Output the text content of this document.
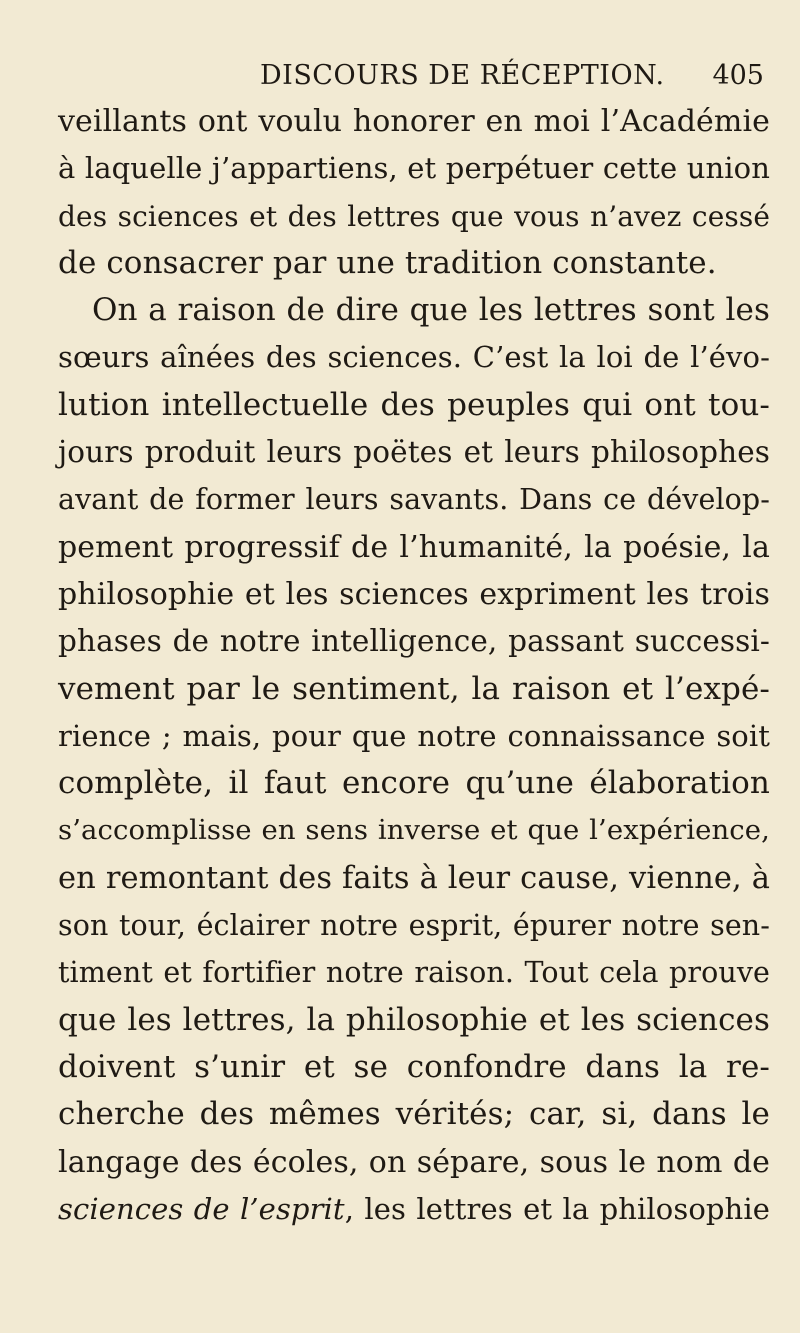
DISCOURS DE RÉCEPTION. 405
veillants ont voulu honorer en moi l’Académie
à laquelle j’appartiens, et perpétuer cette union
des sciences et des lettres que vous n’avez cessé
de consacrer par une tradition constante.
On a raison de dire que les lettres sont les
sœurs aînées des sciences. C’est la loi de l’évo-
lution intellectuelle des peuples qui ont tou-
jours produit leurs poëtes et leurs philosophes
avant de former leurs savants. Dans ce dévelop-
pement progressif de l’humanité, la poésie, la
philosophie et les sciences expriment les trois
phases de notre intelligence, passant successi-
vement par le sentiment, la raison et l’expé-
rience ; mais, pour que notre connaissance soit
complète, il faut encore qu’une élaboration
s’accomplisse en sens inverse et que l’expérience,
en remontant des faits à leur cause, vienne, à
son tour, éclairer notre esprit, épurer notre sen-
timent et fortifier notre raison. Tout cela prouve
que les lettres, la philosophie et les sciences
doivent s’unir et se confondre dans la re-
cherche des mêmes vérités; car, si, dans le
langage des écoles, on sépare, sous le nom de
sciences de l’esprit, les lettres et la philosophie
